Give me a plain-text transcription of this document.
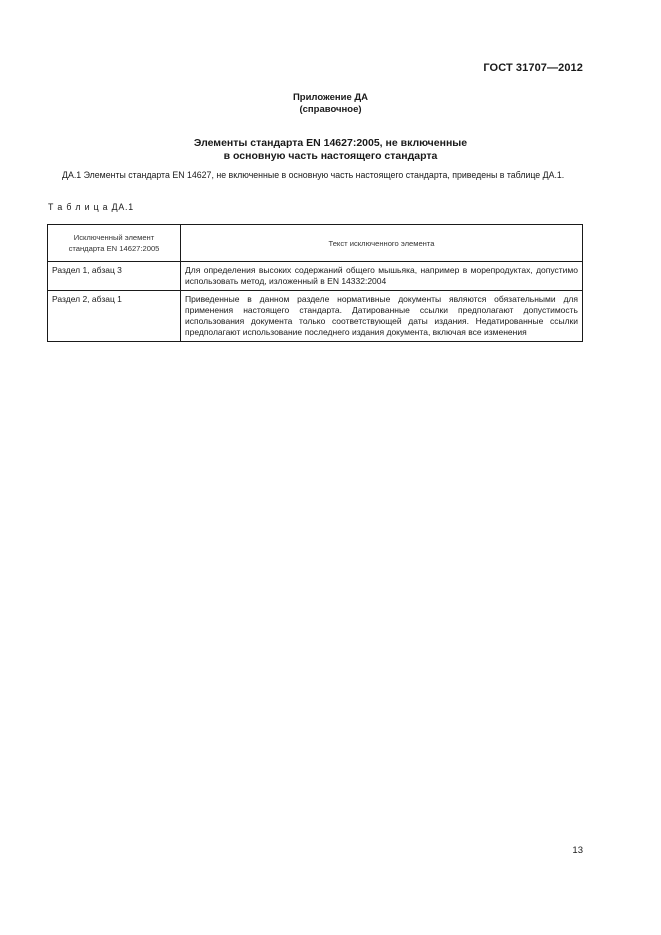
ГОСТ 31707—2012
Приложение ДА
(справочное)
Элементы стандарта EN 14627:2005, не включенные
в основную часть настоящего стандарта

ДА.1 Элементы стандарта EN 14627, не включенные в основную часть настоящего стандарта, приведены в таблице ДА.1.

Т а б л и ц а ДА.1
Исключенный элемент
стандарта EN 14627:2005	Текст исключенного элемента
Раздел 1, абзац 3	Для определения высоких содержаний общего мышьяка, например в морепродуктах, допустимо использовать метод, изложенный в EN 14332:2004
Раздел 2, абзац 1	Приведенные в данном разделе нормативные документы являются обязательными для применения настоящего стандарта. Датированные ссылки предполагают допустимость использования документа только соответствующей даты издания. Недатированные ссылки предполагают использование последнего издания документа, включая все изменения
13
